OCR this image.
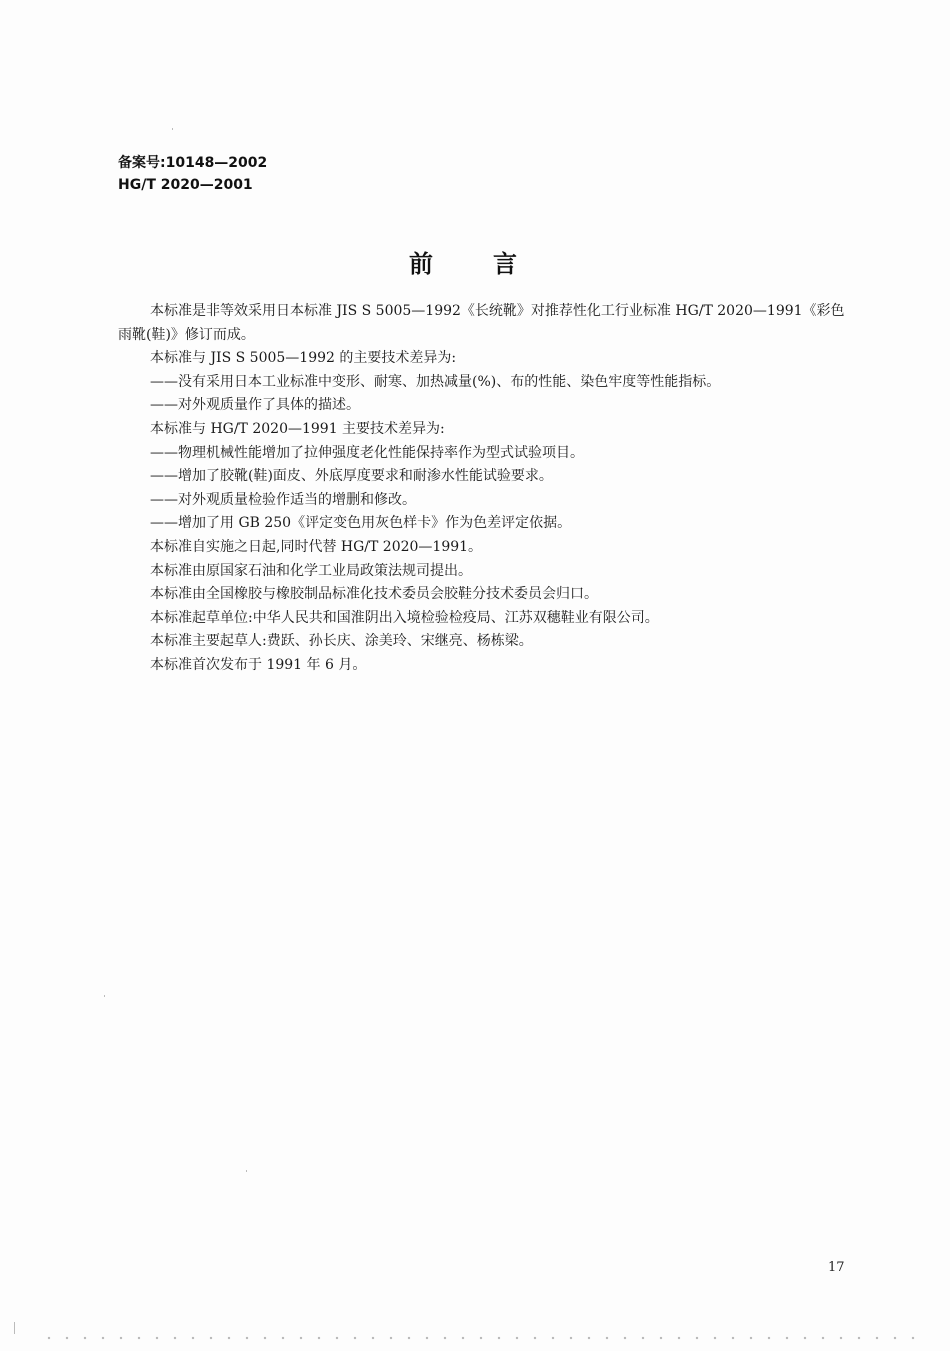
备案号:10148—2002
HG/T 2020—2001
前言

本标准是非等效采用日本标准 JIS S 5005—1992《长统靴》对推荐性化工行业标准 HG/T 2020—1991《彩色雨靴(鞋)》修订而成。

本标准与 JIS S 5005—1992 的主要技术差异为:

——没有采用日本工业标准中变形、耐寒、加热减量(%)、布的性能、染色牢度等性能指标。

——对外观质量作了具体的描述。

本标准与 HG/T 2020—1991 主要技术差异为:

——物理机械性能增加了拉伸强度老化性能保持率作为型式试验项目。

——增加了胶靴(鞋)面皮、外底厚度要求和耐渗水性能试验要求。

——对外观质量检验作适当的增删和修改。

——增加了用 GB 250《评定变色用灰色样卡》作为色差评定依据。

本标准自实施之日起,同时代替 HG/T 2020—1991。

本标准由原国家石油和化学工业局政策法规司提出。

本标准由全国橡胶与橡胶制品标准化技术委员会胶鞋分技术委员会归口。

本标准起草单位:中华人民共和国淮阴出入境检验检疫局、江苏双穗鞋业有限公司。

本标准主要起草人:费跃、孙长庆、涂美玲、宋继亮、杨栋梁。

本标准首次发布于 1991 年 6 月。

17
